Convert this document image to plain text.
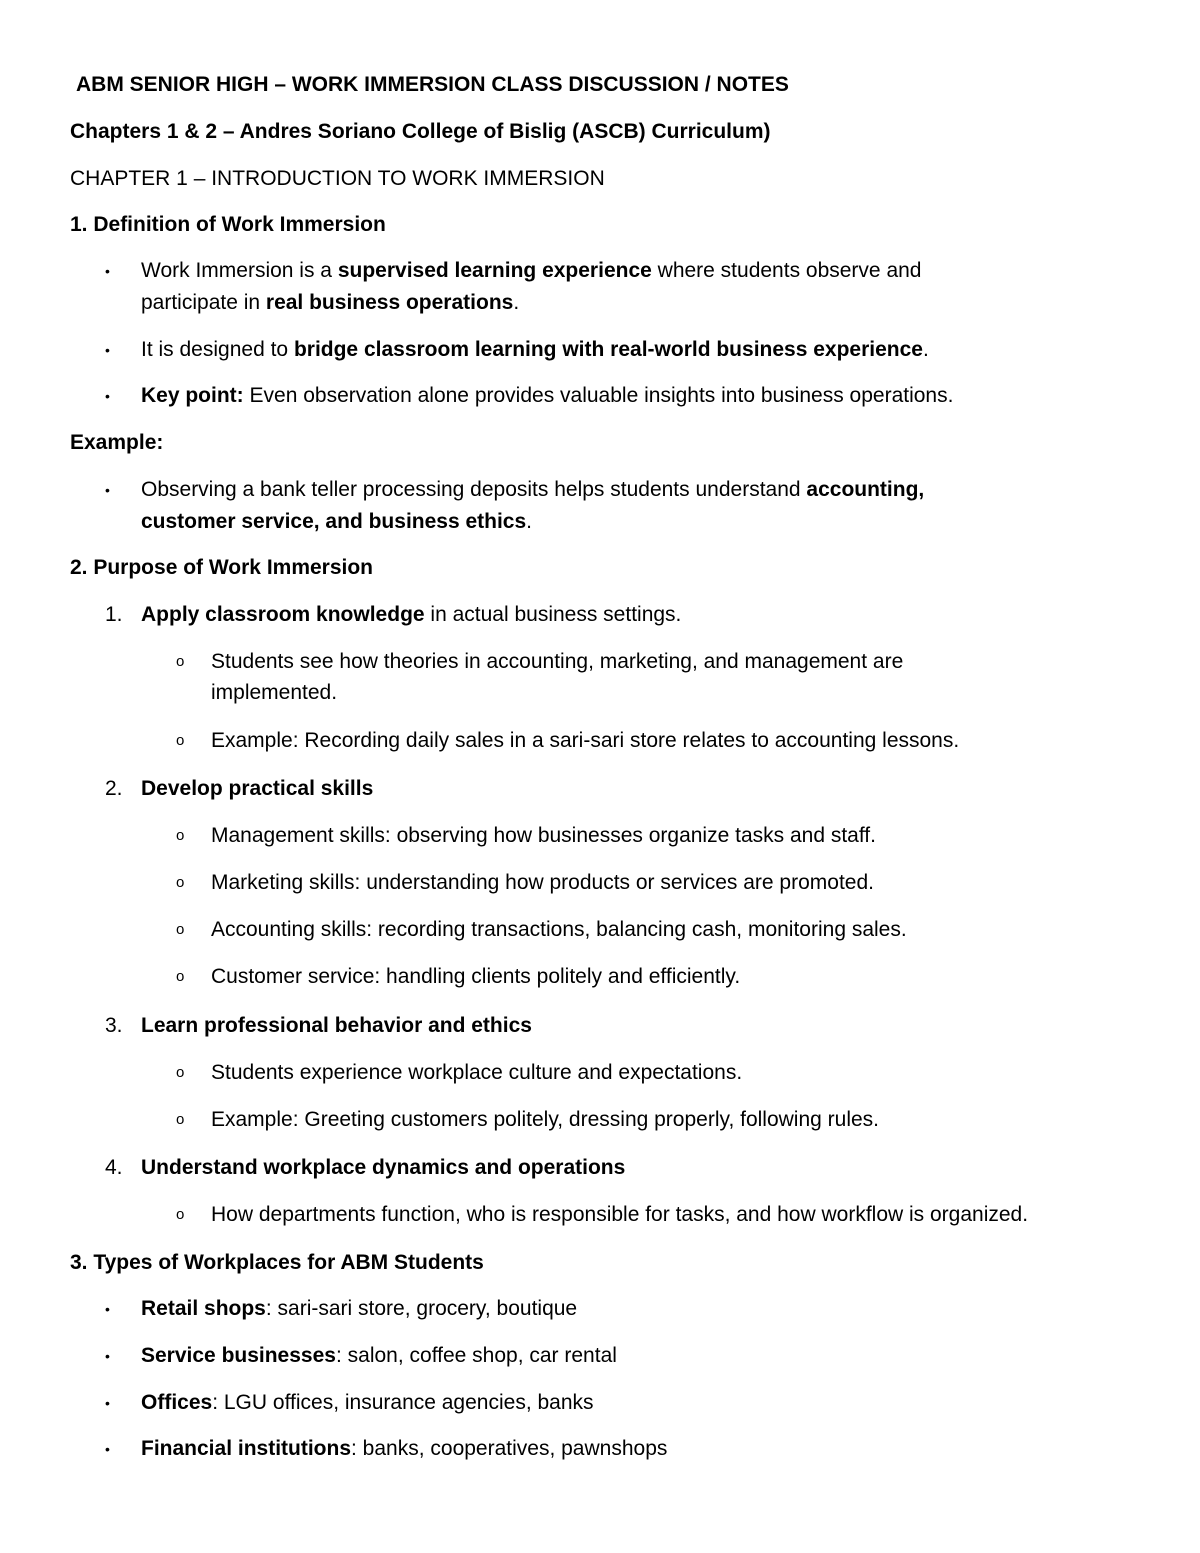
ABM SENIOR HIGH – WORK IMMERSION CLASS DISCUSSION / NOTES
Chapters 1 & 2 – Andres Soriano College of Bislig (ASCB) Curriculum)
CHAPTER 1 – INTRODUCTION TO WORK IMMERSION
1. Definition of Work Immersion
• Work Immersion is a supervised learning experience where students observe and
participate in real business operations.
• It is designed to bridge classroom learning with real-world business experience.
• Key point: Even observation alone provides valuable insights into business operations.
Example:
• Observing a bank teller processing deposits helps students understand accounting,
customer service, and business ethics.
2. Purpose of Work Immersion
1. Apply classroom knowledge in actual business settings.
o Students see how theories in accounting, marketing, and management are
implemented.
o Example: Recording daily sales in a sari-sari store relates to accounting lessons.
2. Develop practical skills
o Management skills: observing how businesses organize tasks and staff.
o Marketing skills: understanding how products or services are promoted.
o Accounting skills: recording transactions, balancing cash, monitoring sales.
o Customer service: handling clients politely and efficiently.
3. Learn professional behavior and ethics
o Students experience workplace culture and expectations.
o Example: Greeting customers politely, dressing properly, following rules.
4. Understand workplace dynamics and operations
o How departments function, who is responsible for tasks, and how workflow is organized.
3. Types of Workplaces for ABM Students
• Retail shops: sari-sari store, grocery, boutique
• Service businesses: salon, coffee shop, car rental
• Offices: LGU offices, insurance agencies, banks
• Financial institutions: banks, cooperatives, pawnshops
